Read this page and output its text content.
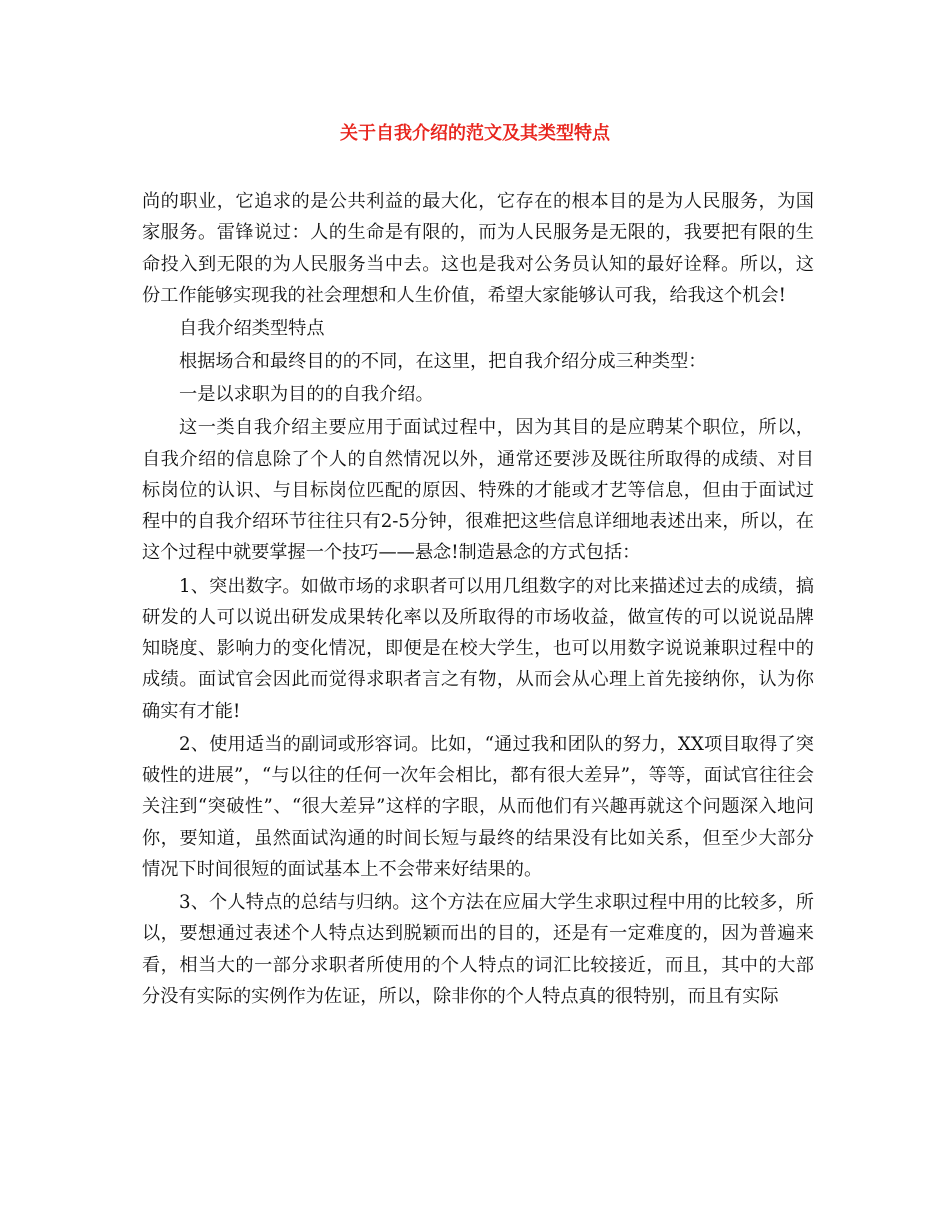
关于自我介绍的范文及其类型特点

尚的职业，它追求的是公共利益的最大化，它存在的根本目的是为人民服务，为国家服务。雷锋说过：人的生命是有限的，而为人民服务是无限的，我要把有限的生命投入到无限的为人民服务当中去。这也是我对公务员认知的最好诠释。所以，这份工作能够实现我的社会理想和人生价值，希望大家能够认可我，给我这个机会!

自我介绍类型特点

根据场合和最终目的的不同，在这里，把自我介绍分成三种类型：

一是以求职为目的的自我介绍。

这一类自我介绍主要应用于面试过程中，因为其目的是应聘某个职位，所以，自我介绍的信息除了个人的自然情况以外，通常还要涉及既往所取得的成绩、对目标岗位的认识、与目标岗位匹配的原因、特殊的才能或才艺等信息，但由于面试过程中的自我介绍环节往往只有2-5分钟，很难把这些信息详细地表述出来，所以，在这个过程中就要掌握一个技巧——悬念!制造悬念的方式包括：

1、突出数字。如做市场的求职者可以用几组数字的对比来描述过去的成绩，搞研发的人可以说出研发成果转化率以及所取得的市场收益，做宣传的可以说说品牌知晓度、影响力的变化情况，即便是在校大学生，也可以用数字说说兼职过程中的成绩。面试官会因此而觉得求职者言之有物，从而会从心理上首先接纳你，认为你确实有才能!

2、使用适当的副词或形容词。比如，“通过我和团队的努力，XX项目取得了突破性的进展”，“与以往的任何一次年会相比，都有很大差异”，等等，面试官往往会关注到“突破性”、“很大差异”这样的字眼，从而他们有兴趣再就这个问题深入地问你，要知道，虽然面试沟通的时间长短与最终的结果没有比如关系，但至少大部分情况下时间很短的面试基本上不会带来好结果的。

3、个人特点的总结与归纳。这个方法在应届大学生求职过程中用的比较多，所以，要想通过表述个人特点达到脱颖而出的目的，还是有一定难度的，因为普遍来看，相当大的一部分求职者所使用的个人特点的词汇比较接近，而且，其中的大部分没有实际的实例作为佐证，所以，除非你的个人特点真的很特别，而且有实际
